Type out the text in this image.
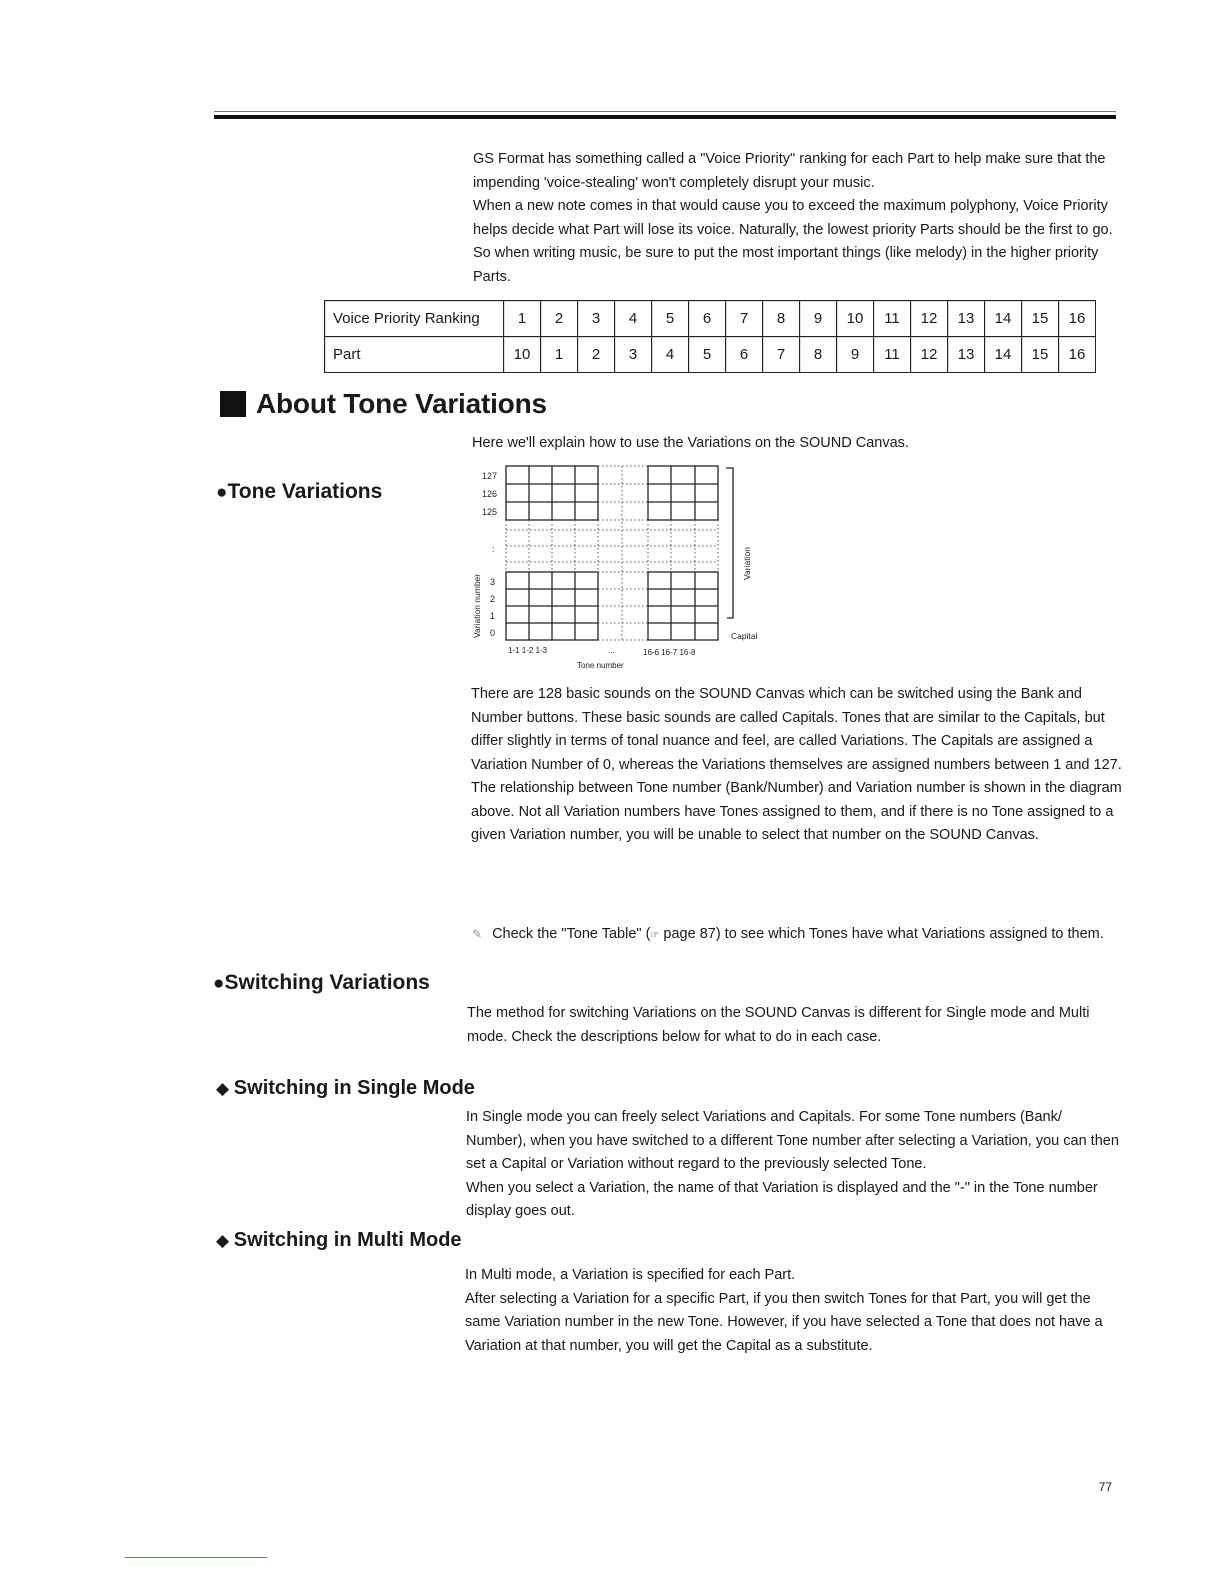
GS Format has something called a "Voice Priority" ranking for each Part to help make sure that the impending 'voice-stealing' won't completely disrupt your music.

When a new note comes in that would cause you to exceed the maximum polyphony, Voice Priority helps decide what Part will lose its voice. Naturally, the lowest priority Parts should be the first to go. So when writing music, be sure to put the most important things (like melody) in the higher priority Parts.

Voice Priority Ranking	1	2	3	4	5	6	7	8	9	10	11	12	13	14	15	16
Part	10	1	2	3	4	5	6	7	8	9	11	12	13	14	15	16
About Tone Variations
Here we'll explain how to use the Variations on the SOUND Canvas.
● Tone Variations
127
126
125
:
3
2
1
0
Variation number
Variation
Capital
1-1 1-2 1-3	...	16-6 16-7 16-8
Tone number

There are 128 basic sounds on the SOUND Canvas which can be switched using the Bank and Number buttons. These basic sounds are called Capitals. Tones that are similar to the Capitals, but differ slightly in terms of tonal nuance and feel, are called Variations. The Capitals are assigned a Variation Number of 0, whereas the Variations themselves are assigned numbers between 1 and 127.

The relationship between Tone number (Bank/Number) and Variation number is shown in the diagram above. Not all Variation numbers have Tones assigned to them, and if there is no Tone assigned to a given Variation number, you will be unable to select that number on the SOUND Canvas.

✎ Check the "Tone Table" (☞ page 87) to see which Tones have what Variations assigned to them.
● Switching Variations
The method for switching Variations on the SOUND Canvas is different for Single mode and Multi mode. Check the descriptions below for what to do in each case.
◆ Switching in Single Mode

In Single mode you can freely select Variations and Capitals. For some Tone numbers (Bank/ Number), when you have switched to a different Tone number after selecting a Variation, you can then set a Capital or Variation without regard to the previously selected Tone.

When you select a Variation, the name of that Variation is displayed and the "-" in the Tone number display goes out.

◆ Switching in Multi Mode

In Multi mode, a Variation is specified for each Part.

After selecting a Variation for a specific Part, if you then switch Tones for that Part, you will get the same Variation number in the new Tone. However, if you have selected a Tone that does not have a Variation at that number, you will get the Capital as a substitute.

77
